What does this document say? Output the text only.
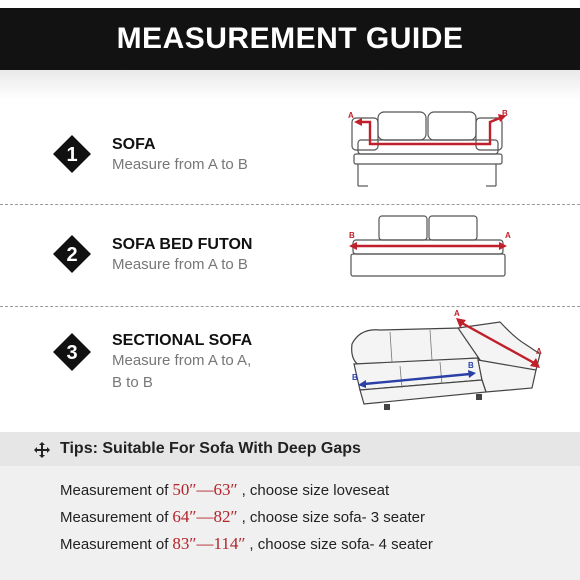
MEASUREMENT GUIDE
1 SOFA
Measure from A to B
A	B
2 SOFA BED FUTON
Measure from A to B
B	A
3
SECTIONAL SOFA
Measure from A to A,
B to B
A
A
B
B
Tips: Suitable For Sofa With Deep Gaps
Measurement of 50″—63″ , choose size loveseat
Measurement of 64″—82″ , choose size sofa- 3 seater
Measurement of 83″—114″ , choose size sofa- 4 seater
